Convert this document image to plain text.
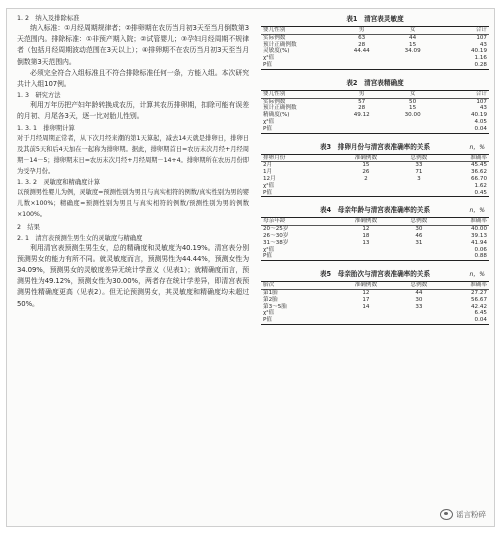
1. 2　 纳入及排除标准

纳入标准：①月经周期规律者；②排卵期在农历当月初3天至当月倒数第3天范围内。排除标准：①非预产期入院；②试管婴儿；③孕妇月经周期不规律者（包括月经周期波动范围在3天以上）；④排卵期不在农历当月初3天至当月倒数第3天范围内。

必须完全符合入组标准且不符合排除标准任何一条，方能入组。本次研究共计入组107例。

1. 3　 研究方法

利用万年历把产妇年龄转换成农历，计算其农历排卵期，扣除可能有误差的月初、月尾各3天，逐一比对胎儿性别。

1. 3. 1　 排卵期计算

对于月经周期正常者，从下次月经来潮的第1天算起，减去14天就是排卵日，排卵日及其前5天和后4天加在一起称为排卵期。据此，排卵期首日=农历末次月经+月经周期－14－5；排卵期末日=农历末次月经+月经周期－14+4。排卵期所在农历月份即为受孕月份。

1. 3. 2　 灵敏度和精确度计算

以预测男性婴儿为例，灵敏度=预测性别为男且与真实相符的例数/真实性别为男的婴儿数×100%；精确度=预测性别为男且与真实相符的例数/预测性别为男的例数×100%。

2　 结果

2. 1　 清宫表预测生男生女的灵敏度与精确度

利用清宫表预测生男生女，总的精确度和灵敏度为40.19%。清宫表分别预测男女的能力有所不同。就灵敏度而言，预测男性为44.44%，预测女性为34.09%，预测男女的灵敏度差异无统计学意义（见表1）；就精确度而言，预测男性为49.12%，预测女性为30.00%，两者存在统计学差异，即清宫表预测男性精确度更高（见表2）。但无论预测男女，其灵敏度和精确度均未超过50%。

表1　清宫表灵敏度
婴儿性别	男	女	合计
实际例数	63	44	107
预计正确例数	28	15	43
灵敏度(%)	44.44	34.09	40.19
χ²值			1.16
P值			0.28
表2　清宫表精确度
婴儿性别	男	女	合计
实际例数	57	50	107
预计正确例数	28	15	43
精确度(%)	49.12	30.00	40.19
χ²值			4.05
P值			0.04
表3　排卵月份与清宫表准确率的关系	n，%
排卵月份	准确例数	总例数	准确率
2月	15	33	45.45
1月	26	71	36.62
12月	2	3	66.70
χ²值			1.62
P值			0.45
表4　母亲年龄与清宫表准确率的关系	n，%
母亲年龄	准确例数	总例数	准确率
20～25岁	12	30	40.00
26～30岁	18	46	39.13
31～38岁	13	31	41.94
χ²值			0.06
P值			0.88
表5　母亲胎次与清宫表准确率的关系	n，%
胎次	准确例数	总例数	准确率
第1胎	12	44	27.27
第2胎	17	30	56.67
第3～5胎	14	33	42.42
χ²值			6.45
P值			0.04
谣言粉碎
